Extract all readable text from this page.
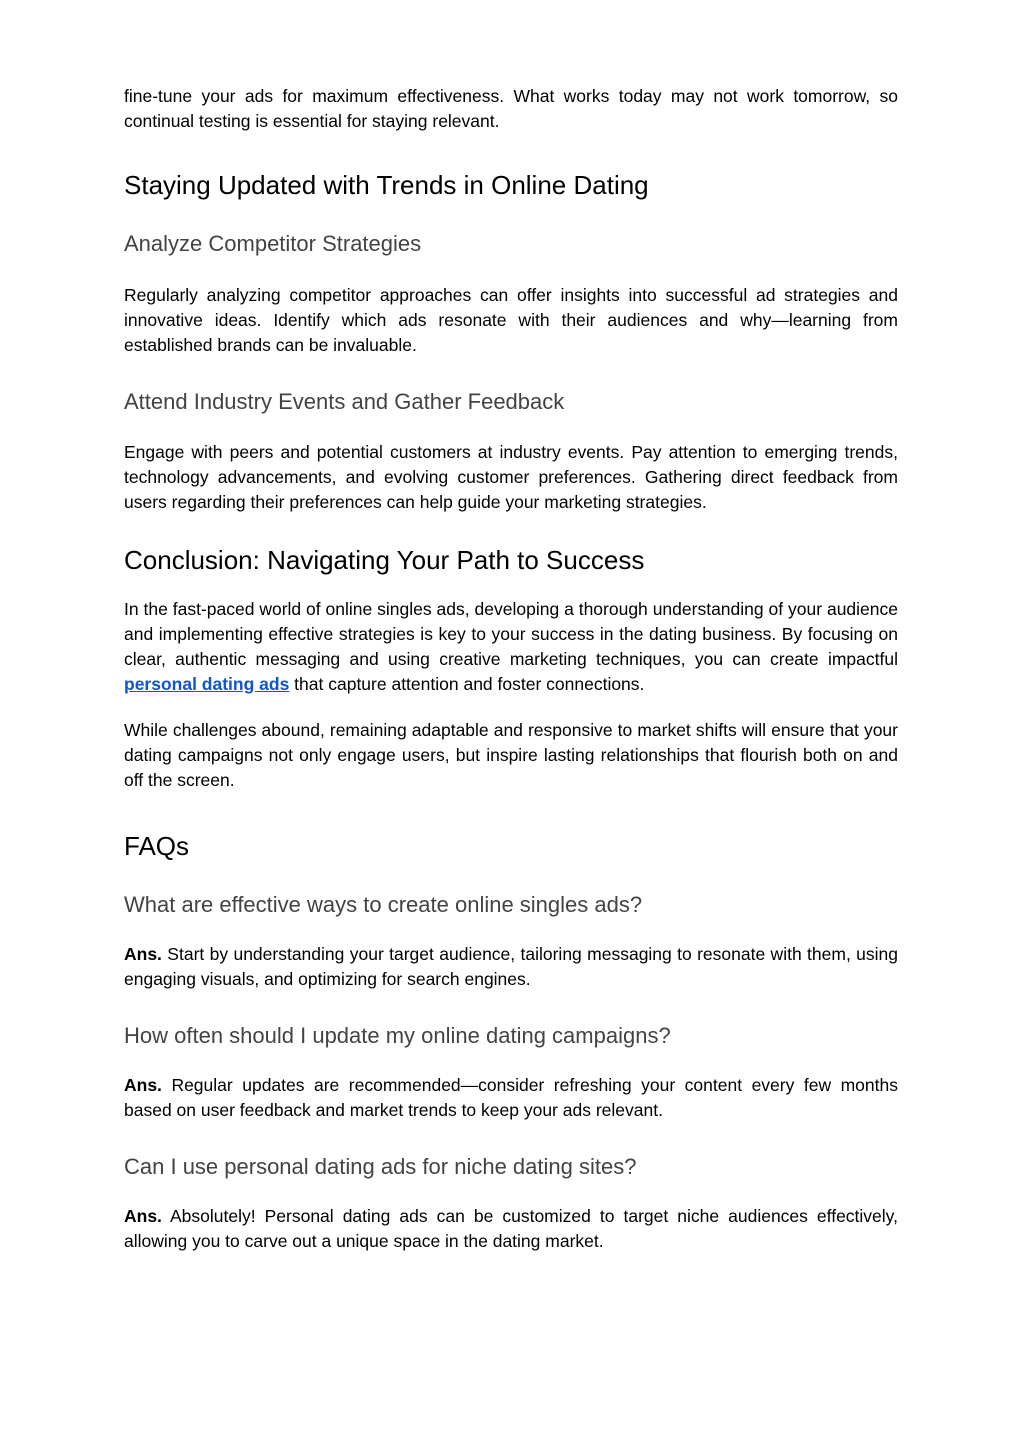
fine-tune your ads for maximum effectiveness. What works today may not work tomorrow, so continual testing is essential for staying relevant.

Staying Updated with Trends in Online Dating
Analyze Competitor Strategies

Regularly analyzing competitor approaches can offer insights into successful ad strategies and innovative ideas. Identify which ads resonate with their audiences and why—learning from established brands can be invaluable.

Attend Industry Events and Gather Feedback

Engage with peers and potential customers at industry events. Pay attention to emerging trends, technology advancements, and evolving customer preferences. Gathering direct feedback from users regarding their preferences can help guide your marketing strategies.

Conclusion: Navigating Your Path to Success

In the fast-paced world of online singles ads, developing a thorough understanding of your audience and implementing effective strategies is key to your success in the dating business. By focusing on clear, authentic messaging and using creative marketing techniques, you can create impactful personal dating ads that capture attention and foster connections.

While challenges abound, remaining adaptable and responsive to market shifts will ensure that your dating campaigns not only engage users, but inspire lasting relationships that flourish both on and off the screen.

FAQs
What are effective ways to create online singles ads?

Ans. Start by understanding your target audience, tailoring messaging to resonate with them, using engaging visuals, and optimizing for search engines.

How often should I update my online dating campaigns?

Ans. Regular updates are recommended—consider refreshing your content every few months based on user feedback and market trends to keep your ads relevant.

Can I use personal dating ads for niche dating sites?

Ans. Absolutely! Personal dating ads can be customized to target niche audiences effectively, allowing you to carve out a unique space in the dating market.
